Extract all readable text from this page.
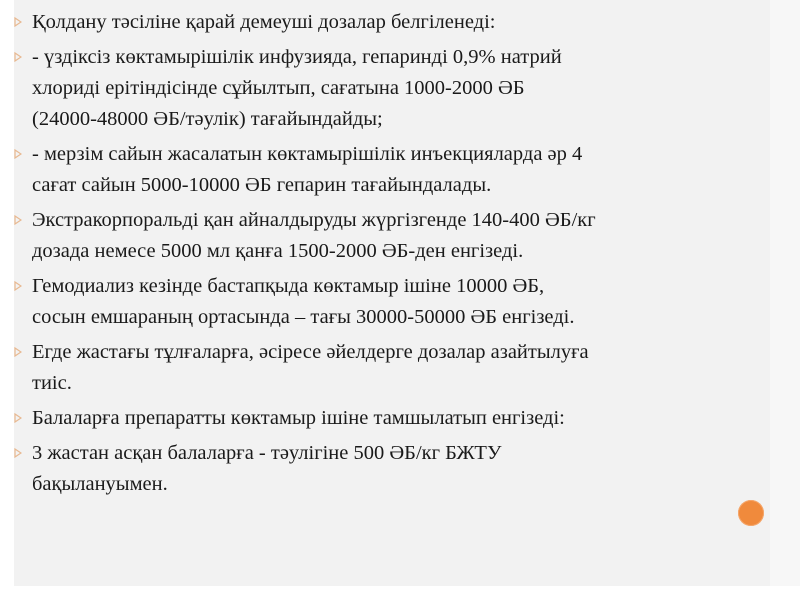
Қолдану тәсіліне қарай демеуші дозалар белгіленеді:
- үздіксіз көктамырішілік инфузияда, гепаринді 0,9% натрий
хлориді ерітіндісінде сұйылтып, сағатына 1000-2000 ӘБ
(24000-48000 ӘБ/тәулік) тағайындайды;
- мерзім сайын жасалатын көктамырішілік инъекцияларда әр 4
сағат сайын 5000-10000 ӘБ гепарин тағайындалады.
Экстракорпоральді қан айналдыруды жүргізгенде 140-400 ӘБ/кг
дозада немесе 5000 мл қанға 1500-2000 ӘБ-ден енгізеді.
Гемодиализ кезінде бастапқыда көктамыр ішіне 10000 ӘБ,
сосын емшараның ортасында – тағы 30000-50000 ӘБ енгізеді.
Егде жастағы тұлғаларға, әсіресе әйелдерге дозалар азайтылуға
тиіс.
Балаларға препаратты көктамыр ішіне тамшылатып енгізеді:
3 жастан асқан балаларға - тәулігіне 500 ӘБ/кг БЖТУ
бақылануымен.
